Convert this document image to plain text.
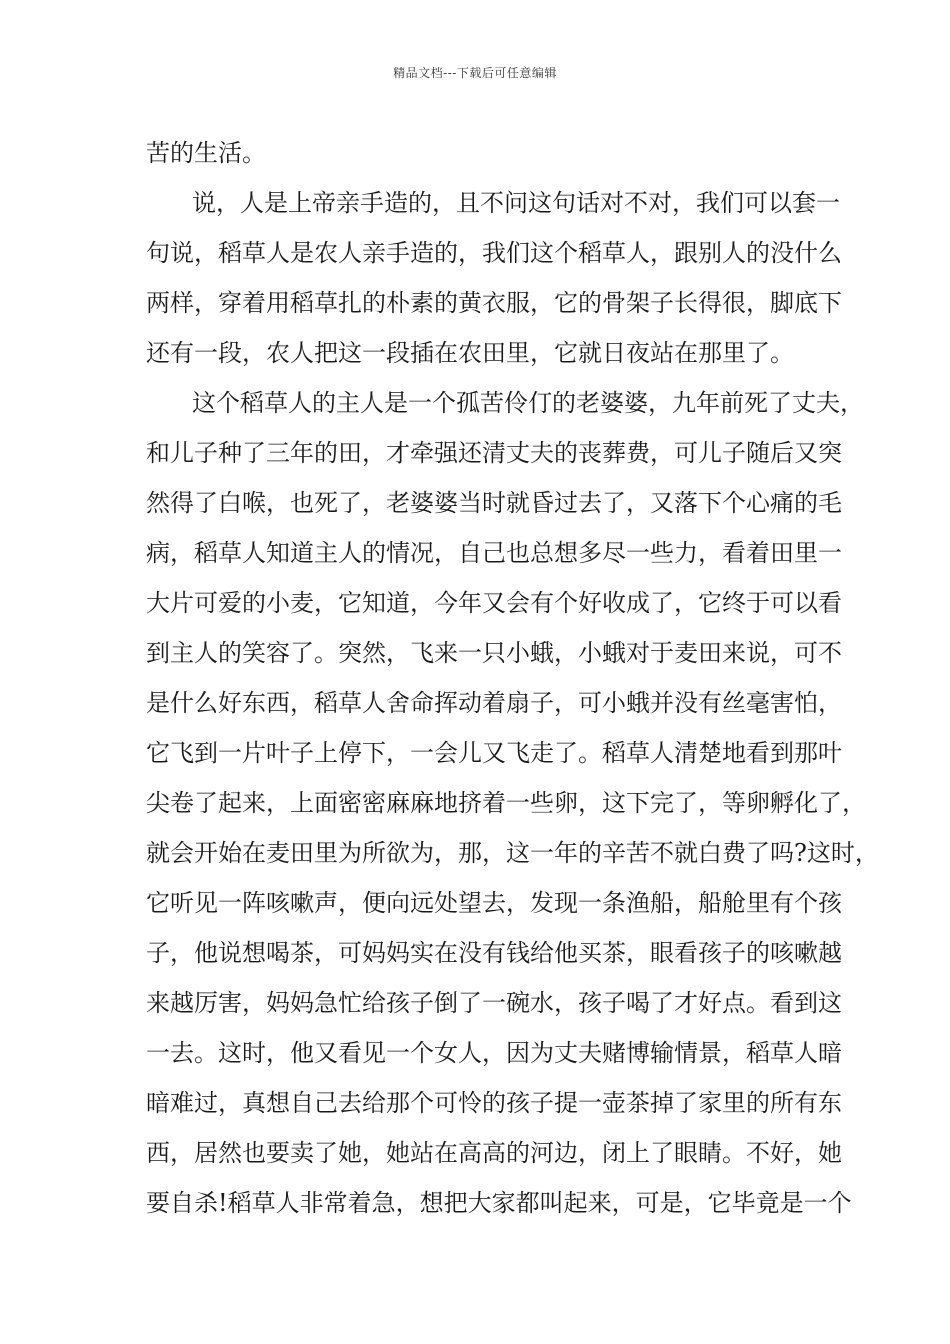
精品文档---下载后可任意编辑
苦的生活。
说，人是上帝亲手造的，且不问这句话对不对，我们可以套一
句说，稻草人是农人亲手造的，我们这个稻草人，跟别人的没什么
两样，穿着用稻草扎的朴素的黄衣服，它的骨架子长得很，脚底下
还有一段，农人把这一段插在农田里，它就日夜站在那里了。
这个稻草人的主人是一个孤苦伶仃的老婆婆，九年前死了丈夫，
和儿子种了三年的田，才牵强还清丈夫的丧葬费，可儿子随后又突
然得了白喉，也死了，老婆婆当时就昏过去了，又落下个心痛的毛
病，稻草人知道主人的情况，自己也总想多尽一些力，看着田里一
大片可爱的小麦，它知道，今年又会有个好收成了，它终于可以看
到主人的笑容了。突然，飞来一只小蛾，小蛾对于麦田来说，可不
是什么好东西，稻草人舍命挥动着扇子，可小蛾并没有丝毫害怕，
它飞到一片叶子上停下，一会儿又飞走了。稻草人清楚地看到那叶
尖卷了起来，上面密密麻麻地挤着一些卵，这下完了，等卵孵化了，
就会开始在麦田里为所欲为，那，这一年的辛苦不就白费了吗?这时，
它听见一阵咳嗽声，便向远处望去，发现一条渔船，船舱里有个孩
子，他说想喝茶，可妈妈实在没有钱给他买茶，眼看孩子的咳嗽越
来越厉害，妈妈急忙给孩子倒了一碗水，孩子喝了才好点。看到这
一去。这时，他又看见一个女人，因为丈夫赌博输情景，稻草人暗
暗难过，真想自己去给那个可怜的孩子提一壶茶掉了家里的所有东
西，居然也要卖了她，她站在高高的河边，闭上了眼睛。不好，她
要自杀!稻草人非常着急，想把大家都叫起来，可是，它毕竟是一个
